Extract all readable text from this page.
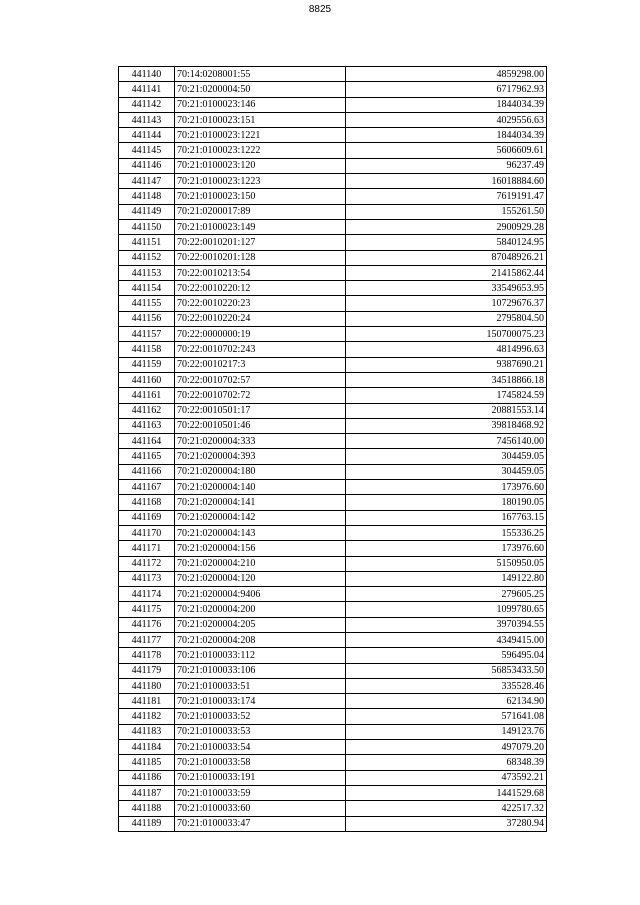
8825
441140	70:14:0208001:55	4859298.00
441141	70:21:0200004:50	6717962.93
441142	70:21:0100023:146	1844034.39
441143	70:21:0100023:151	4029556.63
441144	70:21:0100023:1221	1844034.39
441145	70:21:0100023:1222	5606609.61
441146	70:21:0100023:120	96237.49
441147	70:21:0100023:1223	16018884.60
441148	70:21:0100023:150	7619191.47
441149	70:21:0200017:89	155261.50
441150	70:21:0100023:149	2900929.28
441151	70:22:0010201:127	5840124.95
441152	70:22:0010201:128	87048926.21
441153	70:22:0010213:54	21415862.44
441154	70:22:0010220:12	33549653.95
441155	70:22:0010220:23	10729676.37
441156	70:22:0010220:24	2795804.50
441157	70:22:0000000:19	150700075.23
441158	70:22:0010702:243	4814996.63
441159	70:22:0010217:3	9387690.21
441160	70:22:0010702:57	34518866.18
441161	70:22:0010702:72	1745824.59
441162	70:22:0010501:17	20881553.14
441163	70:22:0010501:46	39818468.92
441164	70:21:0200004:333	7456140.00
441165	70:21:0200004:393	304459.05
441166	70:21:0200004:180	304459.05
441167	70:21:0200004:140	173976.60
441168	70:21:0200004:141	180190.05
441169	70:21:0200004:142	167763.15
441170	70:21:0200004:143	155336.25
441171	70:21:0200004:156	173976.60
441172	70:21:0200004:210	5150950.05
441173	70:21:0200004:120	149122.80
441174	70:21:0200004:9406	279605.25
441175	70:21:0200004:200	1099780.65
441176	70:21:0200004:205	3970394.55
441177	70:21:0200004:208	4349415.00
441178	70:21:0100033:112	596495.04
441179	70:21:0100033:106	56853433.50
441180	70:21:0100033:51	335528.46
441181	70:21:0100033:174	62134.90
441182	70:21:0100033:52	571641.08
441183	70:21:0100033:53	149123.76
441184	70:21:0100033:54	497079.20
441185	70:21:0100033:58	68348.39
441186	70:21:0100033:191	473592.21
441187	70:21:0100033:59	1441529.68
441188	70:21:0100033:60	422517.32
441189	70:21:0100033:47	37280.94
